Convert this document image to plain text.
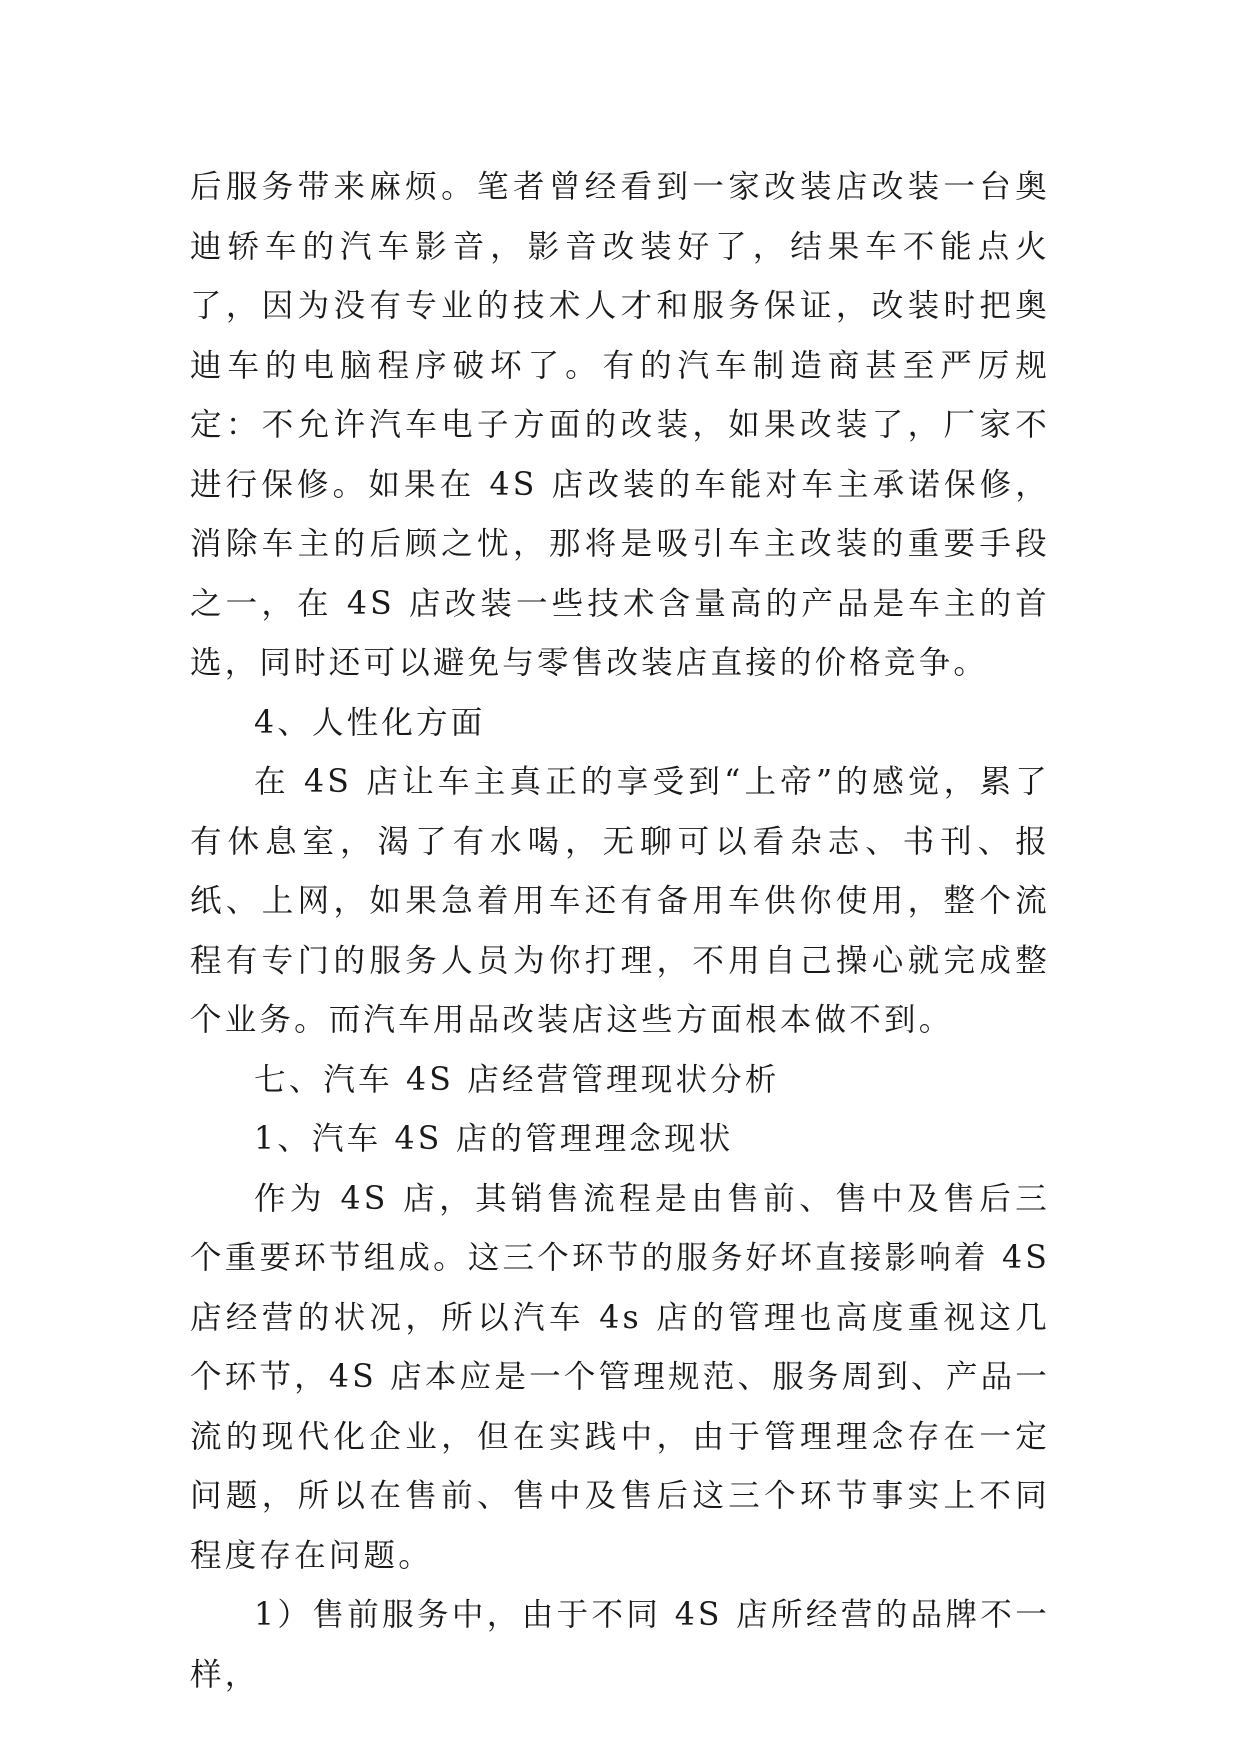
后服务带来麻烦。笔者曾经看到一家改装店改装一台奥迪轿车的汽车影音，影音改装好了，结果车不能点火了，因为没有专业的技术人才和服务保证，改装时把奥迪车的电脑程序破坏了。有的汽车制造商甚至严厉规定：不允许汽车电子方面的改装，如果改装了，厂家不进行保修。如果在 4S 店改装的车能对车主承诺保修，消除车主的后顾之忧，那将是吸引车主改装的重要手段之一，在 4S 店改装一些技术含量高的产品是车主的首选，同时还可以避免与零售改装店直接的价格竞争。

4、人性化方面

在 4S 店让车主真正的享受到“上帝”的感觉，累了有休息室，渴了有水喝，无聊可以看杂志、书刊、报纸、上网，如果急着用车还有备用车供你使用，整个流程有专门的服务人员为你打理，不用自己操心就完成整个业务。而汽车用品改装店这些方面根本做不到。

七、汽车 4S 店经营管理现状分析

1、汽车 4S 店的管理理念现状

作为 4S 店，其销售流程是由售前、售中及售后三个重要环节组成。这三个环节的服务好坏直接影响着 4S 店经营的状况，所以汽车 4s 店的管理也高度重视这几个环节，4S 店本应是一个管理规范、服务周到、产品一流的现代化企业，但在实践中，由于管理理念存在一定问题，所以在售前、售中及售后这三个环节事实上不同程度存在问题。

1）售前服务中，由于不同 4S 店所经营的品牌不一样，
